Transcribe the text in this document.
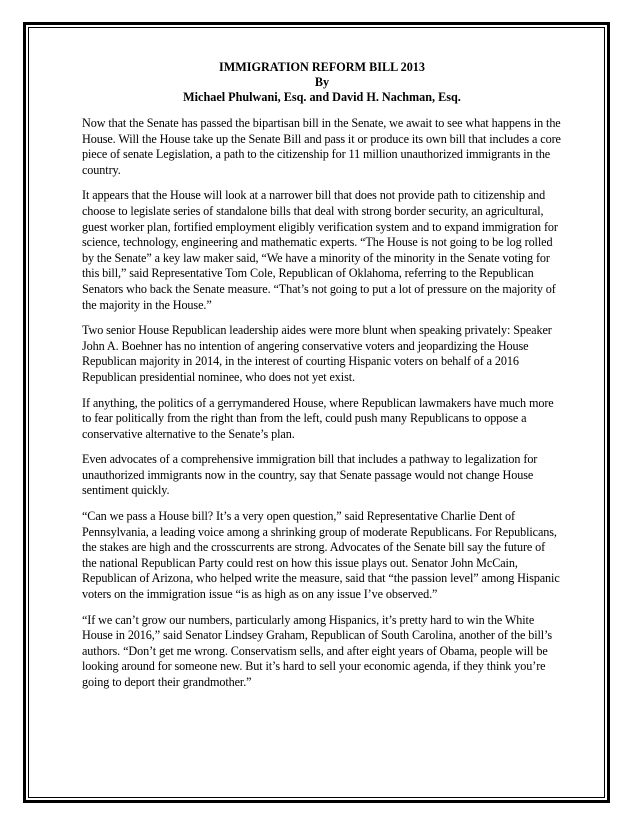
IMMIGRATION REFORM BILL 2013
By
Michael Phulwani, Esq. and David H. Nachman, Esq.

Now that the Senate has passed the bipartisan bill in the Senate, we await to see what happens in the House. Will the House take up the Senate Bill and pass it or produce its own bill that includes a core piece of senate Legislation, a path to the citizenship for 11 million unauthorized immigrants in the country.

It appears that the House will look at a narrower bill that does not provide path to citizenship and choose to legislate series of standalone bills that deal with strong border security, an agricultural, guest worker plan, fortified employment eligibly verification system and to expand immigration for science, technology, engineering and mathematic experts. “The House is not going to be log rolled by the Senate” a key law maker said, “We have a minority of the minority in the Senate voting for this bill,” said Representative Tom Cole, Republican of Oklahoma, referring to the Republican Senators who back the Senate measure. “That’s not going to put a lot of pressure on the majority of the majority in the House.”

Two senior House Republican leadership aides were more blunt when speaking privately: Speaker John A. Boehner has no intention of angering conservative voters and jeopardizing the House Republican majority in 2014, in the interest of courting Hispanic voters on behalf of a 2016 Republican presidential nominee, who does not yet exist.

If anything, the politics of a gerrymandered House, where Republican lawmakers have much more to fear politically from the right than from the left, could push many Republicans to oppose a conservative alternative to the Senate’s plan.

Even advocates of a comprehensive immigration bill that includes a pathway to legalization for unauthorized immigrants now in the country, say that Senate passage would not change House sentiment quickly.

“Can we pass a House bill? It’s a very open question,” said Representative Charlie Dent of Pennsylvania, a leading voice among a shrinking group of moderate Republicans. For Republicans, the stakes are high and the crosscurrents are strong. Advocates of the Senate bill say the future of the national Republican Party could rest on how this issue plays out. Senator John McCain, Republican of Arizona, who helped write the measure, said that “the passion level” among Hispanic voters on the immigration issue “is as high as on any issue I’ve observed.”

“If we can’t grow our numbers, particularly among Hispanics, it’s pretty hard to win the White House in 2016,” said Senator Lindsey Graham, Republican of South Carolina, another of the bill’s authors. “Don’t get me wrong. Conservatism sells, and after eight years of Obama, people will be looking around for someone new. But it’s hard to sell your economic agenda, if they think you’re going to deport their grandmother.”
